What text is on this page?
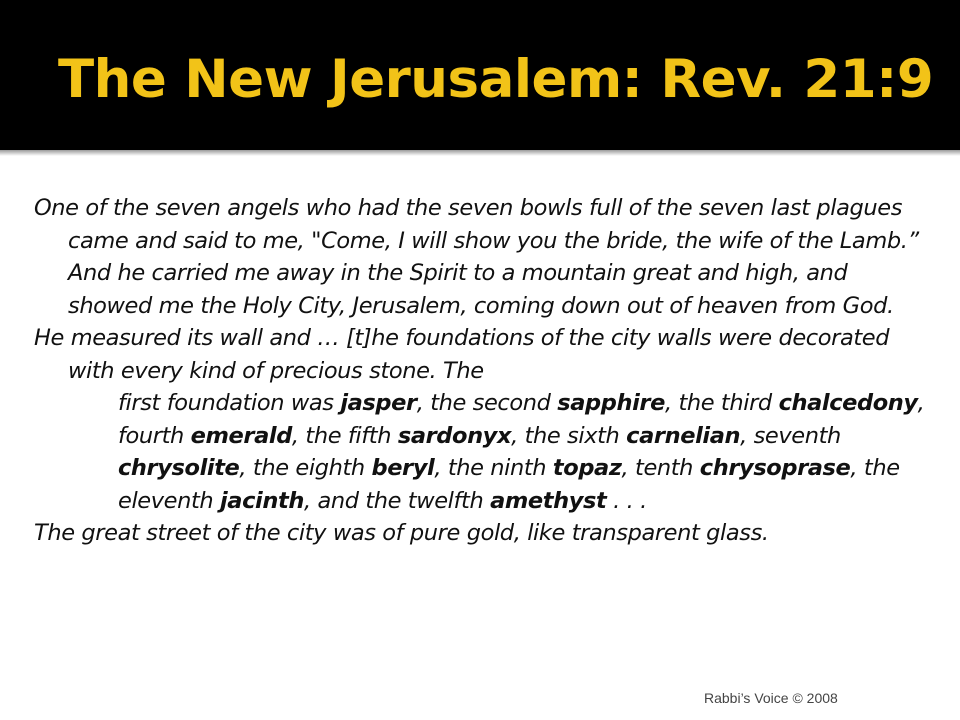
The New Jerusalem: Rev. 21:9

One of the seven angels who had the seven bowls full of the seven last plagues came and said to me, "Come, I will show you the bride, the wife of the Lamb.” And he carried me away in the Spirit to a mountain great and high, and showed me the Holy City, Jerusalem, coming down out of heaven from God.

He measured its wall and … [t]he foundations of the city walls were decorated with every kind of precious stone. The

first foundation was jasper, the second sapphire, the third chalcedony, fourth emerald, the fifth sardonyx, the sixth carnelian, seventh chrysolite, the eighth beryl, the ninth topaz, tenth chrysoprase, the eleventh jacinth, and the twelfth amethyst . . .

The great street of the city was of pure gold, like transparent glass.

Rabbi’s Voice © 2008
